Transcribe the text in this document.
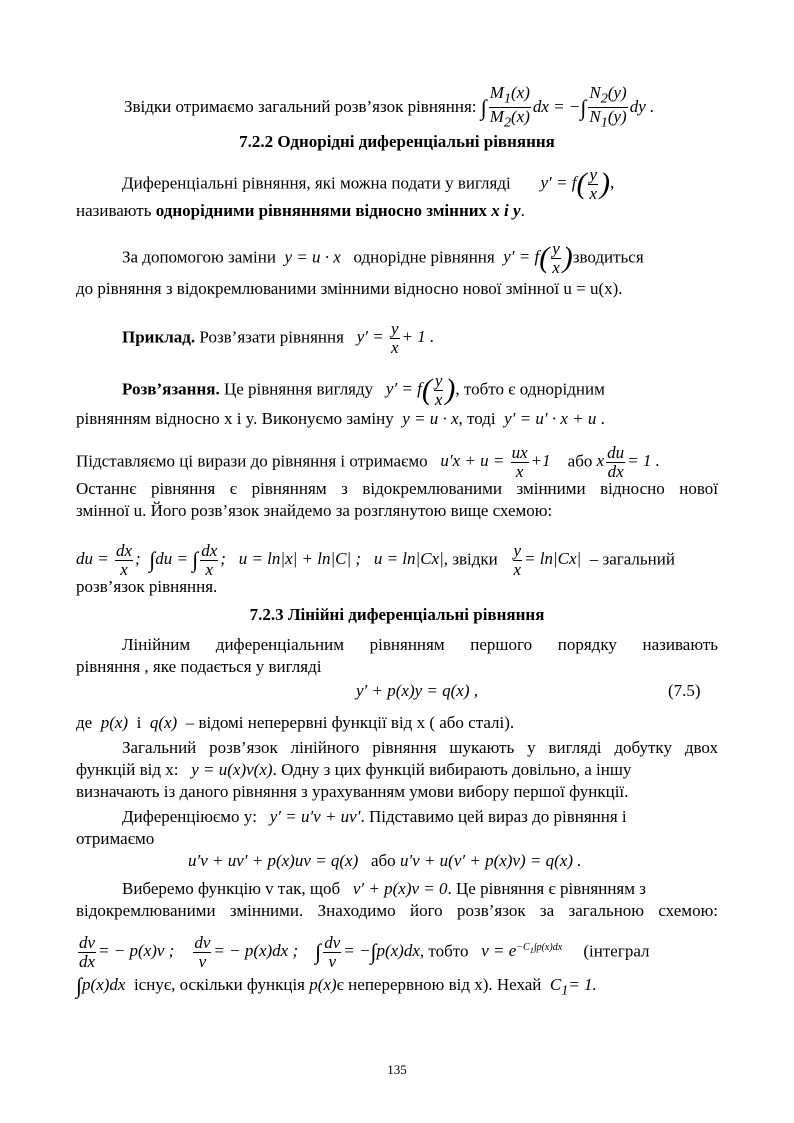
Звідки отримаємо загальний розв’язок рівняння: ∫ $\frac{M_1(x)}{M_2(x)}$ dx = −∫ $\frac{N_2(y)}{N_1(y)}$ dy .
7.2.2 Однорідні диференціальні рівняння
Диференціальні рівняння, які можна подати у вигляді $y' = f( \frac{y}{x}$ ),
називають однорідними рівняннями відносно змінних x і y.
За допомогою заміни y = u · x однорідне рівняння $y' = f( \frac{y}{x}$ )зводиться
до рівняння з відокремлюваними змінними відносно нової змінної u = u(x).
Приклад. Розв’язати рівняння $y' = \frac{y}{x} + 1$ .
Розв’язання. Це рівняння вигляду $y' = f( \frac{y}{x}$ ), тобто є однорідним
рівнянням відносно x і y. Виконуємо заміну y = u · x, тоді y′ = u′ · x + u .
Підставляємо ці вирази до рівняння і отримаємо $u'x + u = \frac{ux}{x} +1$ або x $\frac{du}{dx} = 1$ .
Останнє рівняння є рівнянням з відокремлюваними змінними відносно нової
змінної u. Його розв’язок знайдемо за розглянутою вище схемою:
du = $\frac{dx}{x}$ ;  ∫du = ∫ $\frac{dx}{x}$ ;   u = ln|x| + ln|C| ;   u = ln|Cx|, звідки $\frac{y}{x} = \ln|Cx|$ – загальний
розв’язок рівняння.
7.2.3 Лінійні диференціальні рівняння
Лінійним диференціальним рівнянням першого порядку називають
рівняння , яке подається у вигляді
y′ + p(x)y = q(x) ,	(7.5)
де p(x) і q(x) – відомі неперервні функції від x ( або сталі).
Загальний розв’язок лінійного рівняння шукають у вигляді добутку двох
функцій від x: y = u(x)v(x). Одну з цих функцій вибирають довільно, а іншу
визначають із даного рівняння з урахуванням умови вибору першої функції.
Диференціюємо y: y′ = u′v + uv′. Підставимо цей вираз до рівняння і
отримаємо
u′v + uv′ + p(x)uv = q(x) або u′v + u(v′ + p(x)v) = q(x) .
Виберемо функцію v так, щоб v′ + p(x)v = 0. Це рівняння є рівнянням з
відокремлюваними змінними. Знаходимо його розв’язок за загальною схемою:
$\frac{dv}{dx}$ = − p(x)v ; $\frac{dv}{v}$ = − p(x)dx ;    ∫ $\frac{dv}{v} = -\int p(x)dx$, тобто $v = e^{-C_1\int p(x)dx}$ (інтеграл
∫p(x)dx існує, оскільки функція p(x)є неперервною від x). Нехай $C_1= 1$.
135
